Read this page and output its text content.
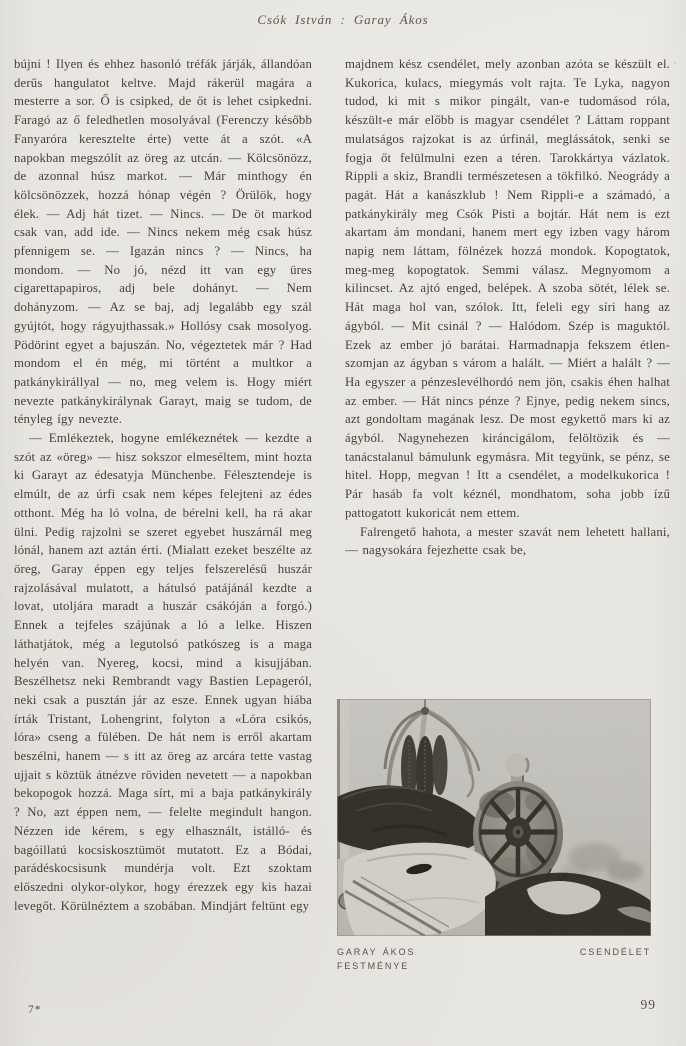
Csók István : Garay Ákos

bújni ! Ilyen és ehhez hasonló tréfák járják, állandóan derűs hangulatot keltve. Majd rákerül magára a mesterre a sor. Ő is csipked, de őt is lehet csipkedni. Faragó az ő feledhetlen mosolyával (Ferenczy később Fanyaróra keresztelte érte) vette át a szót. «A napokban megszólít az öreg az utcán. — Kölcsönözz, de azonnal húsz markot. — Már minthogy én kölcsönözzek, hozzá hónap végén ? Örülök, hogy élek. — Adj hát tizet. — Nincs. — De öt markod csak van, add ide. — Nincs nekem még csak húsz pfennigem se. — Igazán nincs ? — Nincs, ha mondom. — No jó, nézd itt van egy üres cigarettapapiros, adj bele dohányt. — Nem dohányzom. — Az se baj, adj legalább egy szál gyújtót, hogy rágyujthassak.» Hollósy csak mosolyog. Pödörint egyet a bajuszán. No, végeztetek már ? Had mondom el én még, mi történt a multkor a patkánykirállyal — no, meg velem is. Hogy miért nevezte patkánykirálynak Garayt, maig se tudom, de tényleg így nevezte.

— Emlékeztek, hogyne emlékeznétek — kezdte a szót az «öreg» — hisz sokszor elmeséltem, mint hozta ki Garayt az édesatyja Münchenbe. Félesztendeje is elmúlt, de az úrfi csak nem képes felejteni az édes otthont. Még ha ló volna, de bérelni kell, ha rá akar ülni. Pedig rajzolni se szeret egyebet huszárnál meg lónál, hanem azt aztán érti. (Mialatt ezeket beszélte az öreg, Garay éppen egy teljes felszerelésű huszár rajzolásával mulatott, a hátulsó patájánál kezdte a lovat, utoljára maradt a huszár csákóján a forgó.) Ennek a tejfeles szájúnak a ló a lelke. Hiszen láthatjátok, még a legutolsó patkószeg is a maga helyén van. Nyereg, kocsi, mind a kisujjában. Beszélhetsz neki Rembrandt vagy Bastien Lepageról, neki csak a pusztán jár az esze. Ennek ugyan hiába írták Tristant, Lohengrint, folyton a «Lóra csikós, lóra» cseng a fülében. De hát nem is erről akartam beszélni, hanem — s itt az öreg az arcára tette vastag ujjait s köztük átnézve röviden nevetett — a napokban bekopogok hozzá. Maga sírt, mi a baja patkánykirály ? No, azt éppen nem, — felelte megindult hangon. Nézzen ide kérem, s egy elhasznált, istálló- és bagóillatú kocsiskosztümöt mutatott. Ez a Bódai, parádéskocsisunk mundérja volt. Ezt szoktam előszedni olykor-olykor, hogy érezzek egy kis hazai levegőt. Körülnéztem a szobában. Mindjárt feltünt egy

majdnem kész csendélet, mely azonban azóta se készült el. Kukorica, kulacs, miegymás volt rajta. Te Lyka, nagyon tudod, ki mit s mikor pingált, van-e tudomásod róla, készült-e már előbb is magyar csendélet ? Láttam roppant mulatságos rajzokat is az úrfinál, meglássátok, senki se fogja őt felülmulni ezen a téren. Tarokkártya vázlatok. Rippli a skiz, Brandli természetesen a tökfilkó. Neogrády a pagát. Hát a kanászklub ! Nem Rippli-e a számadó, a patkánykirály meg Csók Pisti a bojtár. Hát nem is ezt akartam ám mondani, hanem mert egy izben vagy három napig nem láttam, fölnézek hozzá mondok. Kopogtatok, meg-meg kopogtatok. Semmi válasz. Megnyomom a kilincset. Az ajtó enged, belépek. A szoba sötét, lélek se. Hát maga hol van, szólok. Itt, feleli egy síri hang az ágyból. — Mit csinál ? — Halódom. Szép is maguktól. Ezek az ember jó barátai. Harmadnapja fekszem étlen-szomjan az ágyban s várom a halált. — Miért a halált ? — Ha egyszer a pénzeslevélhordó nem jön, csakis éhen halhat az ember. — Hát nincs pénze ? Ejnye, pedig nekem sincs, azt gondoltam magának lesz. De most egykettő mars ki az ágyból. Nagynehezen kiráncigálom, felöltözik és — tanácstalanul bámulunk egymásra. Mit tegyünk, se pénz, se hitel. Hopp, megvan ! Itt a csendélet, a modelkukorica ! Pár hasáb fa volt kéznél, mondhatom, soha jobb ízű pattogatott kukoricát nem ettem.

Falrengető hahota, a mester szavát nem lehetett hallani, — nagysokára fejezhette csak be,

GARAY ÁKOS
FESTMÉNYE
CSENDÉLET
7*	99
